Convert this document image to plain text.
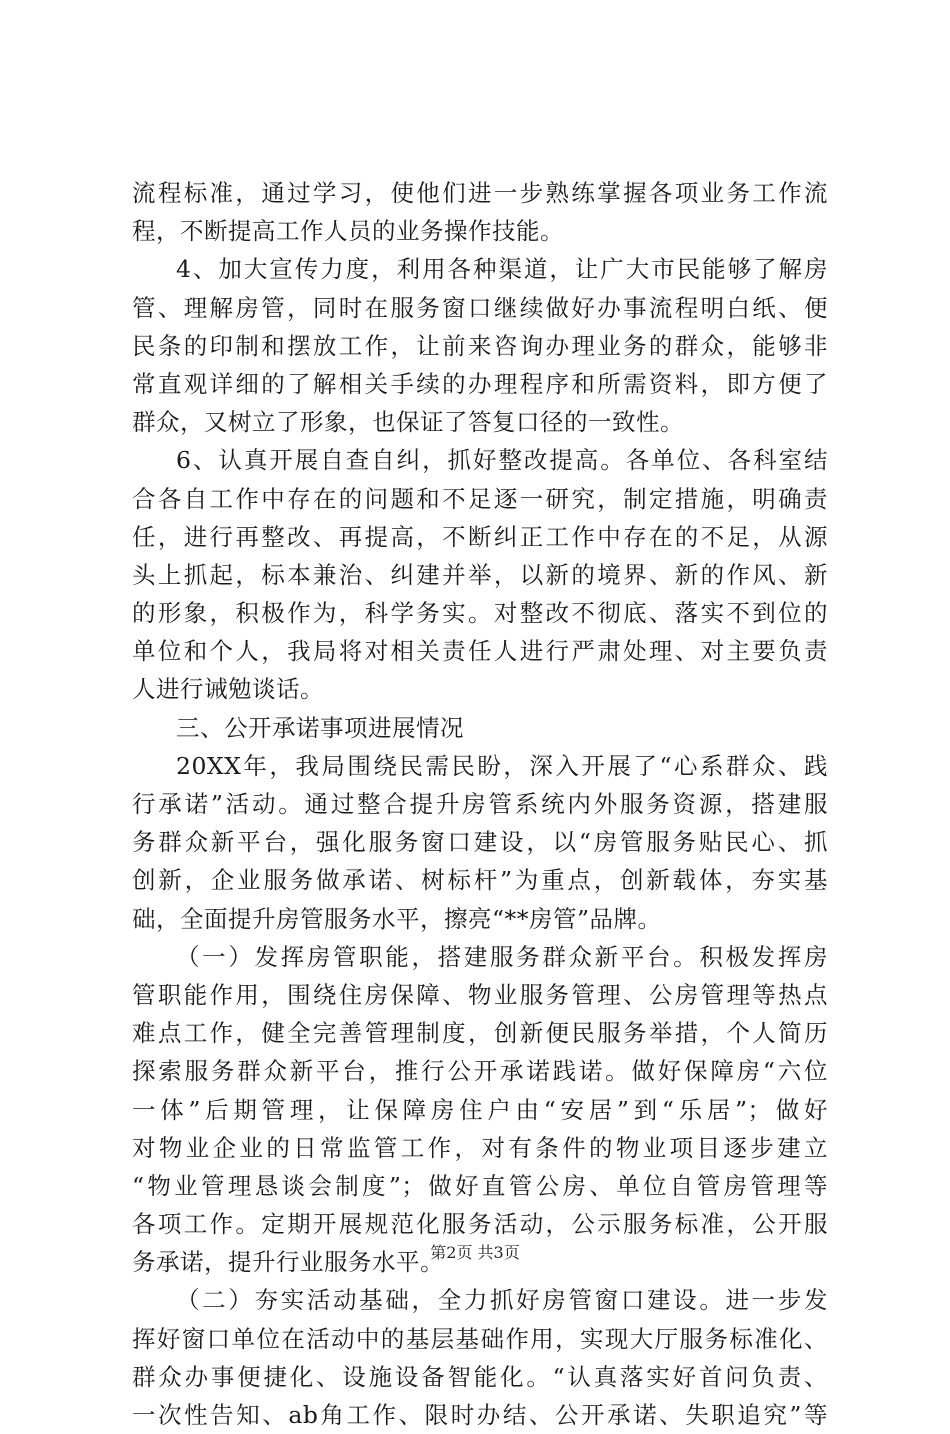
流程标准，通过学习，使他们进一步熟练掌握各项业务工作流
程，不断提高工作人员的业务操作技能。
4、加大宣传力度，利用各种渠道，让广大市民能够了解房
管、理解房管，同时在服务窗口继续做好办事流程明白纸、便
民条的印制和摆放工作，让前来咨询办理业务的群众，能够非
常直观详细的了解相关手续的办理程序和所需资料，即方便了
群众，又树立了形象，也保证了答复口径的一致性。
6、认真开展自查自纠，抓好整改提高。各单位、各科室结
合各自工作中存在的问题和不足逐一研究，制定措施，明确责
任，进行再整改、再提高，不断纠正工作中存在的不足，从源
头上抓起，标本兼治、纠建并举，以新的境界、新的作风、新
的形象，积极作为，科学务实。对整改不彻底、落实不到位的
单位和个人，我局将对相关责任人进行严肃处理、对主要负责
人进行诫勉谈话。
三、公开承诺事项进展情况
20XX年，我局围绕民需民盼，深入开展了“心系群众、践
行承诺”活动。通过整合提升房管系统内外服务资源，搭建服
务群众新平台，强化服务窗口建设，以“房管服务贴民心、抓
创新，企业服务做承诺、树标杆”为重点，创新载体，夯实基
础，全面提升房管服务水平，擦亮“**房管”品牌。
（一）发挥房管职能，搭建服务群众新平台。积极发挥房
管职能作用，围绕住房保障、物业服务管理、公房管理等热点
难点工作，健全完善管理制度，创新便民服务举措，个人简历
探索服务群众新平台，推行公开承诺践诺。做好保障房“六位
一体”后期管理，让保障房住户由“安居”到“乐居”；做好
对物业企业的日常监管工作，对有条件的物业项目逐步建立
“物业管理恳谈会制度”；做好直管公房、单位自管房管理等
各项工作。定期开展规范化服务活动，公示服务标准，公开服
务承诺，提升行业服务水平。
（二）夯实活动基础，全力抓好房管窗口建设。进一步发
挥好窗口单位在活动中的基层基础作用，实现大厅服务标准化、
群众办事便捷化、设施设备智能化。“认真落实好首问负责、
一次性告知、ab角工作、限时办结、公开承诺、失职追究”等
第2页 共3页
